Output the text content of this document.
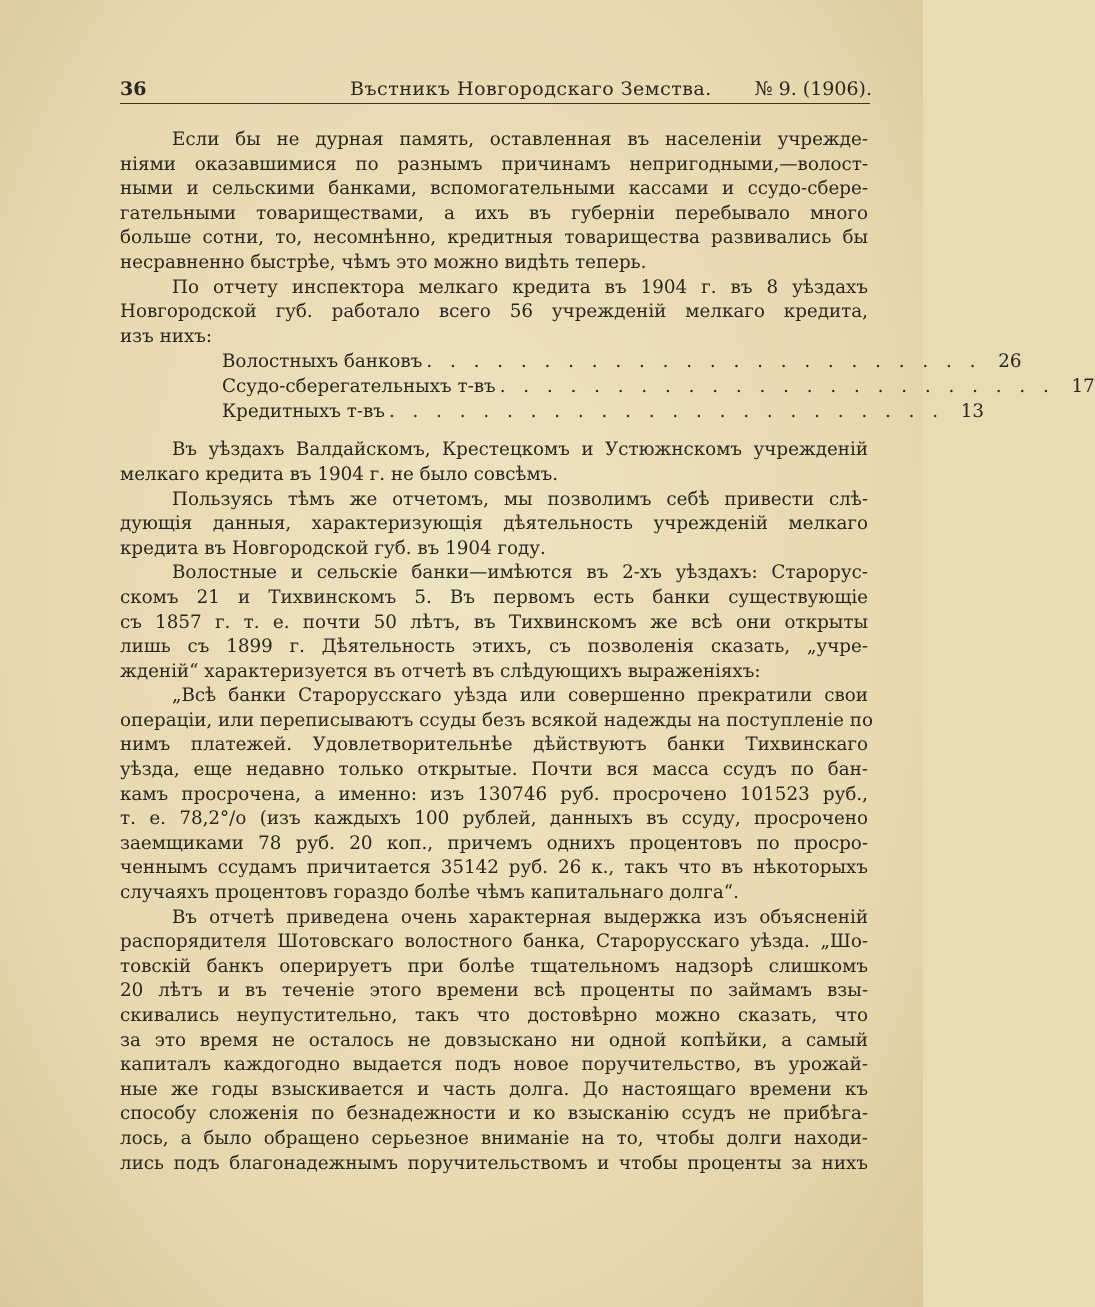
36	Въстникъ Новгородскаго Земства. № 9. (1906).
Если бы не дурная память, оставленная въ населеніи учрежде-
ніями оказавшимися по разнымъ причинамъ непригодными,—волост-
ными и сельскими банками, вспомогательными кассами и ссудо-сбере-
гательными товариществами, а ихъ въ губерніи перебывало много
больше сотни, то, несомнѣнно, кредитныя товарищества развивались бы
несравненно быстрѣе, чѣмъ это можно видѣть теперь.
По отчету инспектора мелкаго кредита въ 1904 г. въ 8 уѣздахъ
Новгородской губ. работало всего 56 учрежденій мелкаго кредита,
изъ нихъ:
Волостныхъ банковъ . . . . . . . . . . . . . . . . . . . . . . . . 26
Ссудо-сберегательныхъ т-въ . . . . . . . . . . . . . . . . . . . . . . . . 17
Кредитныхъ т-въ . . . . . . . . . . . . . . . . . . . . . . . . 13
Въ уѣздахъ Валдайскомъ, Крестецкомъ и Устюжнскомъ учрежденій
мелкаго кредита въ 1904 г. не было совсѣмъ.
Пользуясь тѣмъ же отчетомъ, мы позволимъ себѣ привести слѣ-
дующія данныя, характеризующія дѣятельность учрежденій мелкаго
кредита въ Новгородской губ. въ 1904 году.
Волостные и сельскіе банки—имѣются въ 2-хъ уѣздахъ: Старорус-
скомъ 21 и Тихвинскомъ 5. Въ первомъ есть банки существующіе
съ 1857 г. т. е. почти 50 лѣтъ, въ Тихвинскомъ же всѣ они открыты
лишь съ 1899 г. Дѣятельность этихъ, съ позволенія сказать, „учре-
жденій“ характеризуется въ отчетѣ въ слѣдующихъ выраженіяхъ:
„Всѣ банки Старорусскаго уѣзда или совершенно прекратили свои
операціи, или переписываютъ ссуды безъ всякой надежды на поступленіе по
нимъ платежей. Удовлетворительнѣе дѣйствуютъ банки Тихвинскаго
уѣзда, еще недавно только открытые. Почти вся масса ссудъ по бан-
камъ просрочена, а именно: изъ 130746 руб. просрочено 101523 руб.,
т. е. 78,2°/о (изъ каждыхъ 100 рублей, данныхъ въ ссуду, просрочено
заемщиками 78 руб. 20 коп., причемъ однихъ процентовъ по просро-
ченнымъ ссудамъ причитается 35142 руб. 26 к., такъ что въ нѣкоторыхъ
случаяхъ процентовъ гораздо болѣе чѣмъ капитальнаго долга“.
Въ отчетѣ приведена очень характерная выдержка изъ объясненій
распорядителя Шотовскаго волостного банка, Старорусскаго уѣзда. „Шо-
товскій банкъ оперируетъ при болѣе тщательномъ надзорѣ слишкомъ
20 лѣтъ и въ теченіе этого времени всѣ проценты по займамъ взы-
скивались неупустительно, такъ что достовѣрно можно сказать, что
за это время не осталось не довзыскано ни одной копѣйки, а самый
капиталъ каждогодно выдается подъ новое поручительство, въ урожай-
ные же годы взыскивается и часть долга. До настоящаго времени къ
способу сложенія по безнадежности и ко взысканію ссудъ не прибѣга-
лось, а было обращено серьезное вниманіе на то, чтобы долги находи-
лись подъ благонадежнымъ поручительствомъ и чтобы проценты за нихъ
